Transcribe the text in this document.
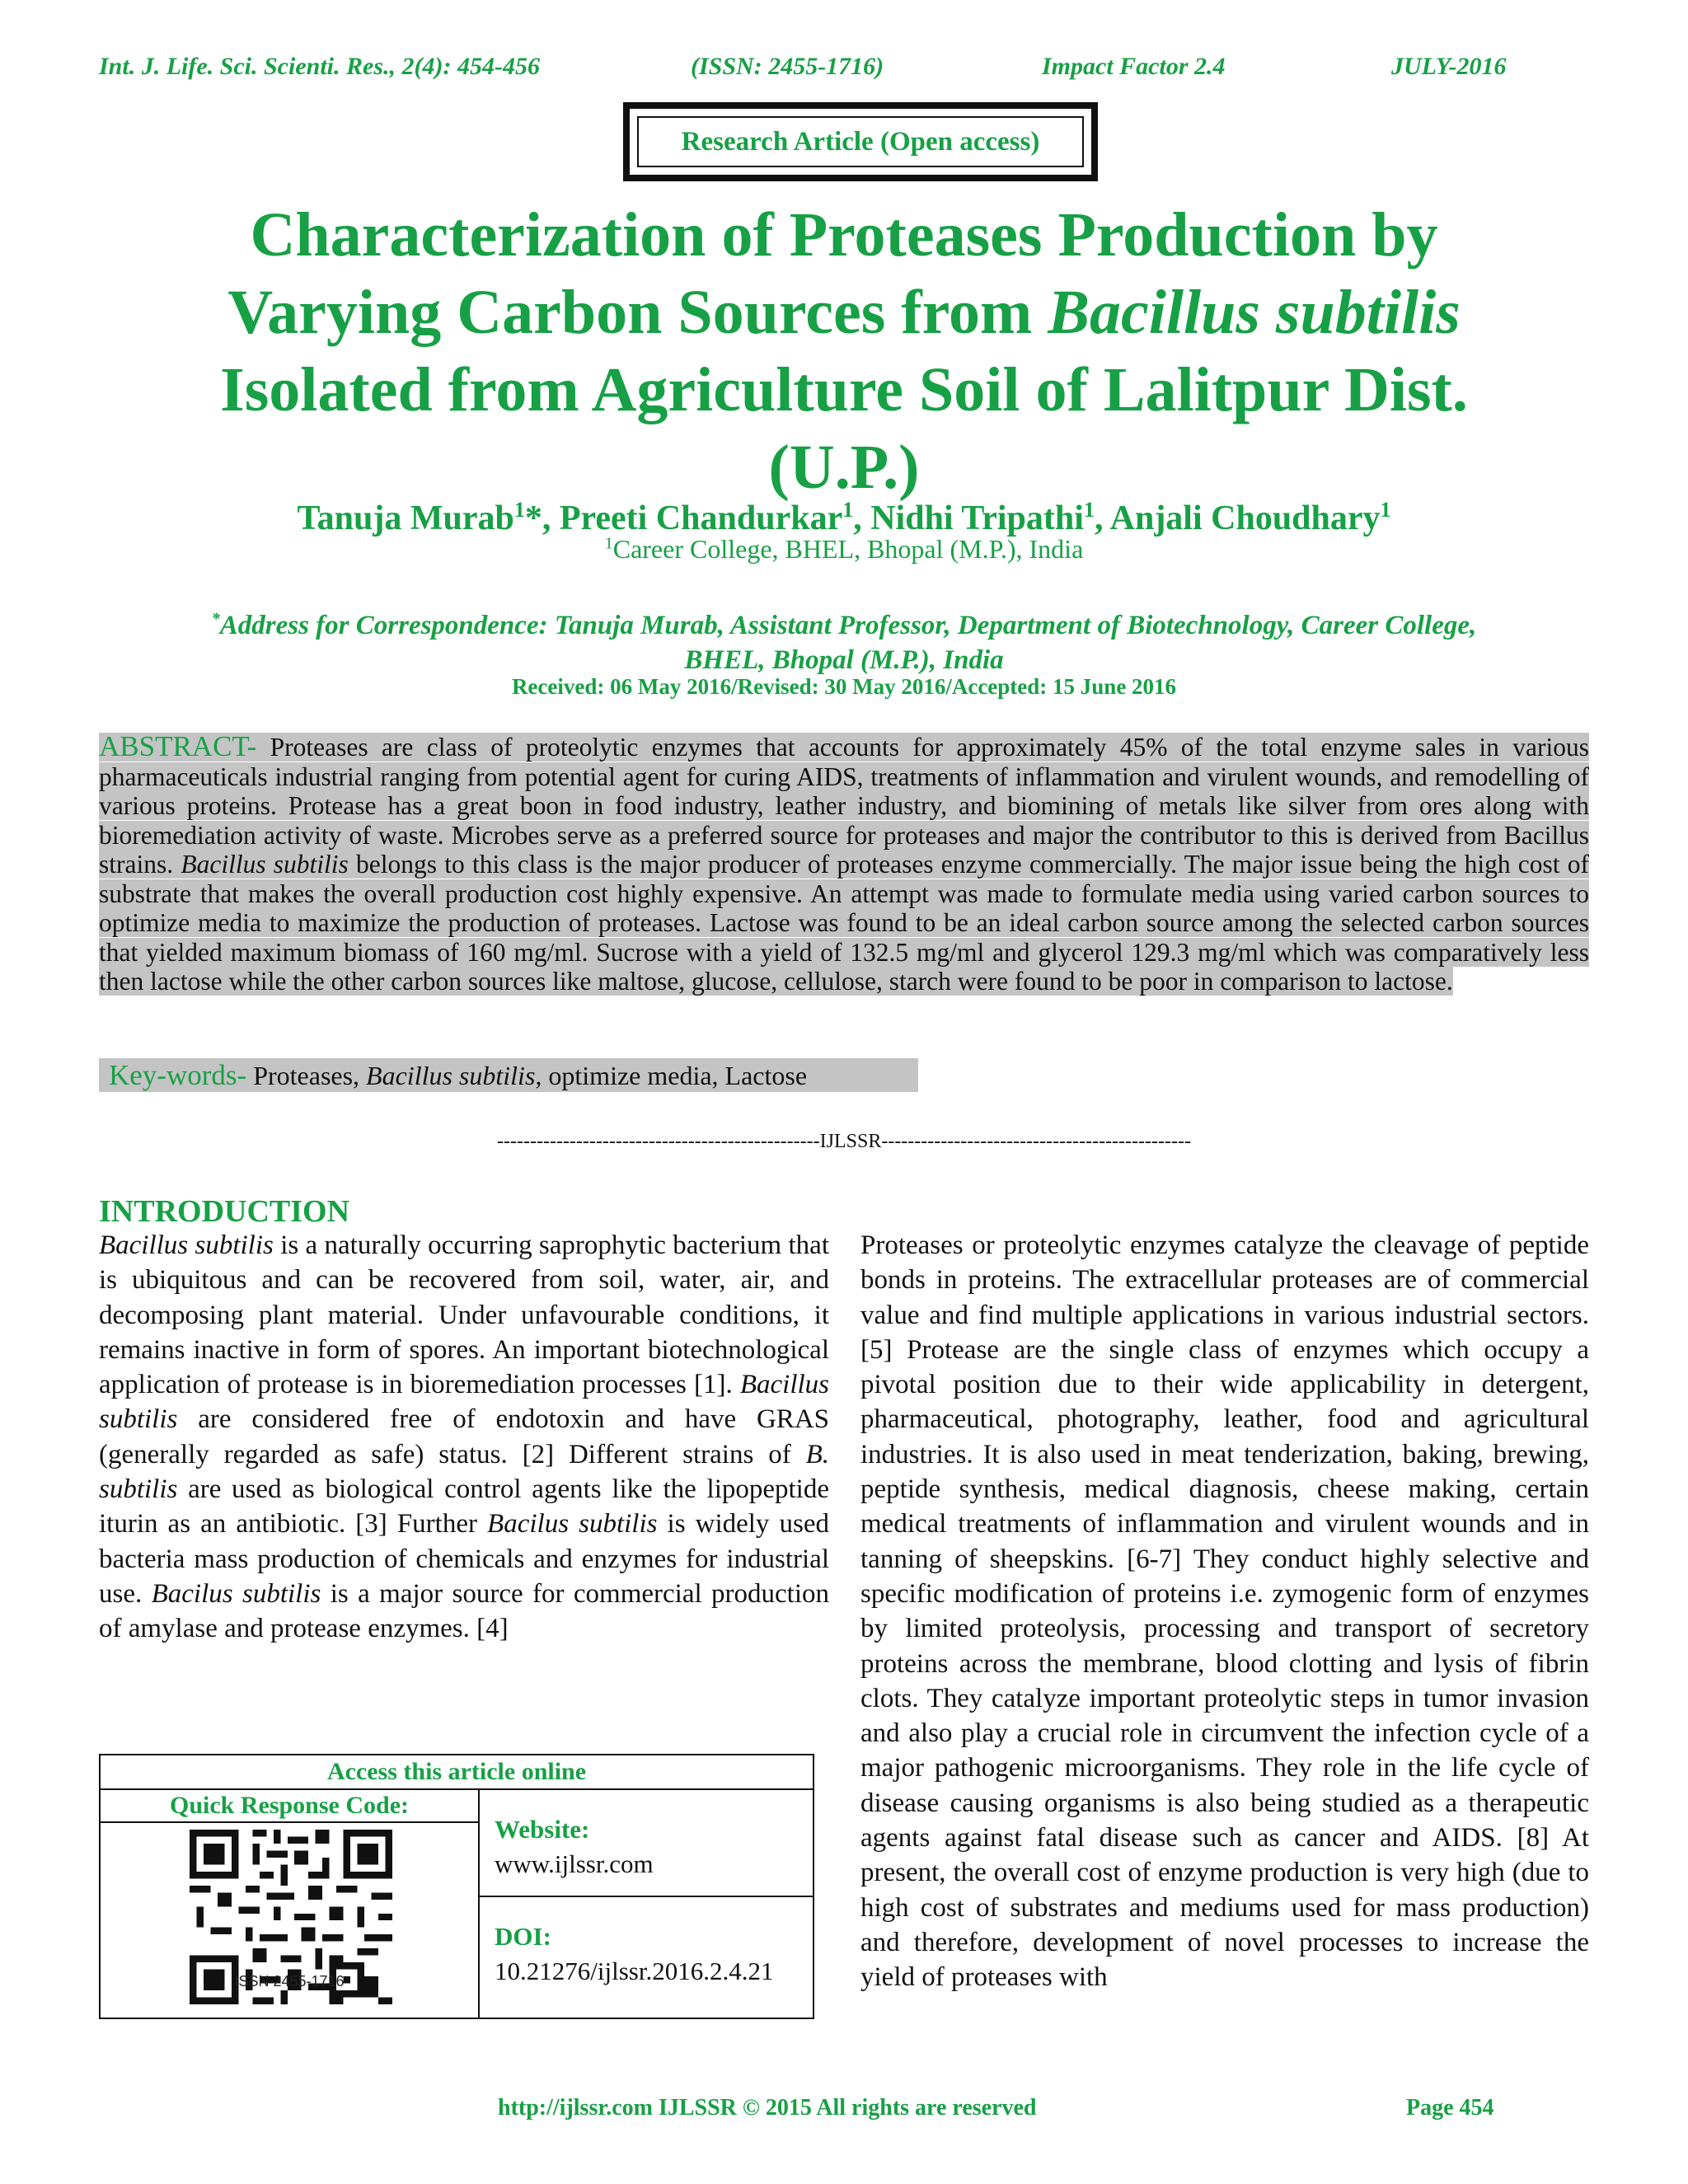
Int. J. Life. Sci. Scienti. Res., 2(4): 454-456	(ISSN: 2455-1716)	Impact Factor 2.4	JULY-2016
Research Article (Open access)
Characterization of Proteases Production by
Varying Carbon Sources from Bacillus subtilis
Isolated from Agriculture Soil of Lalitpur Dist.
(U.P.)
Tanuja Murab$^1$*, Preeti Chandurkar$^1$, Nidhi Tripathi$^1$, Anjali Choudhary$^1$
$^1$Career College, BHEL, Bhopal (M.P.), India
*Address for Correspondence: Tanuja Murab, Assistant Professor, Department of Biotechnology, Career College,
BHEL, Bhopal (M.P.), India
Received: 06 May 2016/Revised: 30 May 2016/Accepted: 15 June 2016
ABSTRACT- Proteases are class of proteolytic enzymes that accounts for approximately 45% of the total enzyme sales in various pharmaceuticals industrial ranging from potential agent for curing AIDS, treatments of inflammation and virulent wounds, and remodelling of various proteins. Protease has a great boon in food industry, leather industry, and biomining of metals like silver from ores along with bioremediation activity of waste. Microbes serve as a preferred source for proteases and major the contributor to this is derived from Bacillus strains. Bacillus subtilis belongs to this class is the major producer of proteases enzyme commercially. The major issue being the high cost of substrate that makes the overall production cost highly expensive. An attempt was made to formulate media using varied carbon sources to optimize media to maximize the production of proteases. Lactose was found to be an ideal carbon source among the selected carbon sources that yielded maximum biomass of 160 mg/ml. Sucrose with a yield of 132.5 mg/ml and glycerol 129.3 mg/ml which was comparatively less then lactose while the other carbon sources like maltose, glucose, cellulose, starch were found to be poor in comparison to lactose.
Key-words- Proteases, Bacillus subtilis, optimize media, Lactose
-------------------------------------------------IJLSSR-----------------------------------------------
INTRODUCTION
Bacillus subtilis is a naturally occurring saprophytic bacterium that is ubiquitous and can be recovered from soil, water, air, and decomposing plant material. Under unfavourable conditions, it remains inactive in form of spores. An important biotechnological application of protease is in bioremediation processes [1]. Bacillus subtilis are considered free of endotoxin and have GRAS (generally regarded as safe) status. [2] Different strains of B. subtilis are used as biological control agents like the lipopeptide iturin as an antibiotic. [3] Further Bacilus subtilis is widely used bacteria mass production of chemicals and enzymes for industrial use. Bacilus subtilis is a major source for commercial production of amylase and protease enzymes. [4]
Proteases or proteolytic enzymes catalyze the cleavage of peptide bonds in proteins. The extracellular proteases are of commercial value and find multiple applications in various industrial sectors. [5] Protease are the single class of enzymes which occupy a pivotal position due to their wide applicability in detergent, pharmaceutical, photography, leather, food and agricultural industries. It is also used in meat tenderization, baking, brewing, peptide synthesis, medical diagnosis, cheese making, certain medical treatments of inflammation and virulent wounds and in tanning of sheepskins. [6-7] They conduct highly selective and specific modification of proteins i.e. zymogenic form of enzymes by limited proteolysis, processing and transport of secretory proteins across the membrane, blood clotting and lysis of fibrin clots. They catalyze important proteolytic steps in tumor invasion and also play a crucial role in circumvent the infection cycle of a major pathogenic microorganisms. They role in the life cycle of disease causing organisms is also being studied as a therapeutic agents against fatal disease such as cancer and AIDS. [8] At present, the overall cost of enzyme production is very high (due to high cost of substrates and mediums used for mass production) and therefore, development of novel processes to increase the yield of proteases with
Access this article online
Quick Response Code:
ISSN 2455-1716
Website:
www.ijlssr.com
DOI:
10.21276/ijlssr.2016.2.4.21
http://ijlssr.com IJLSSR © 2015 All rights are reserved	Page 454
